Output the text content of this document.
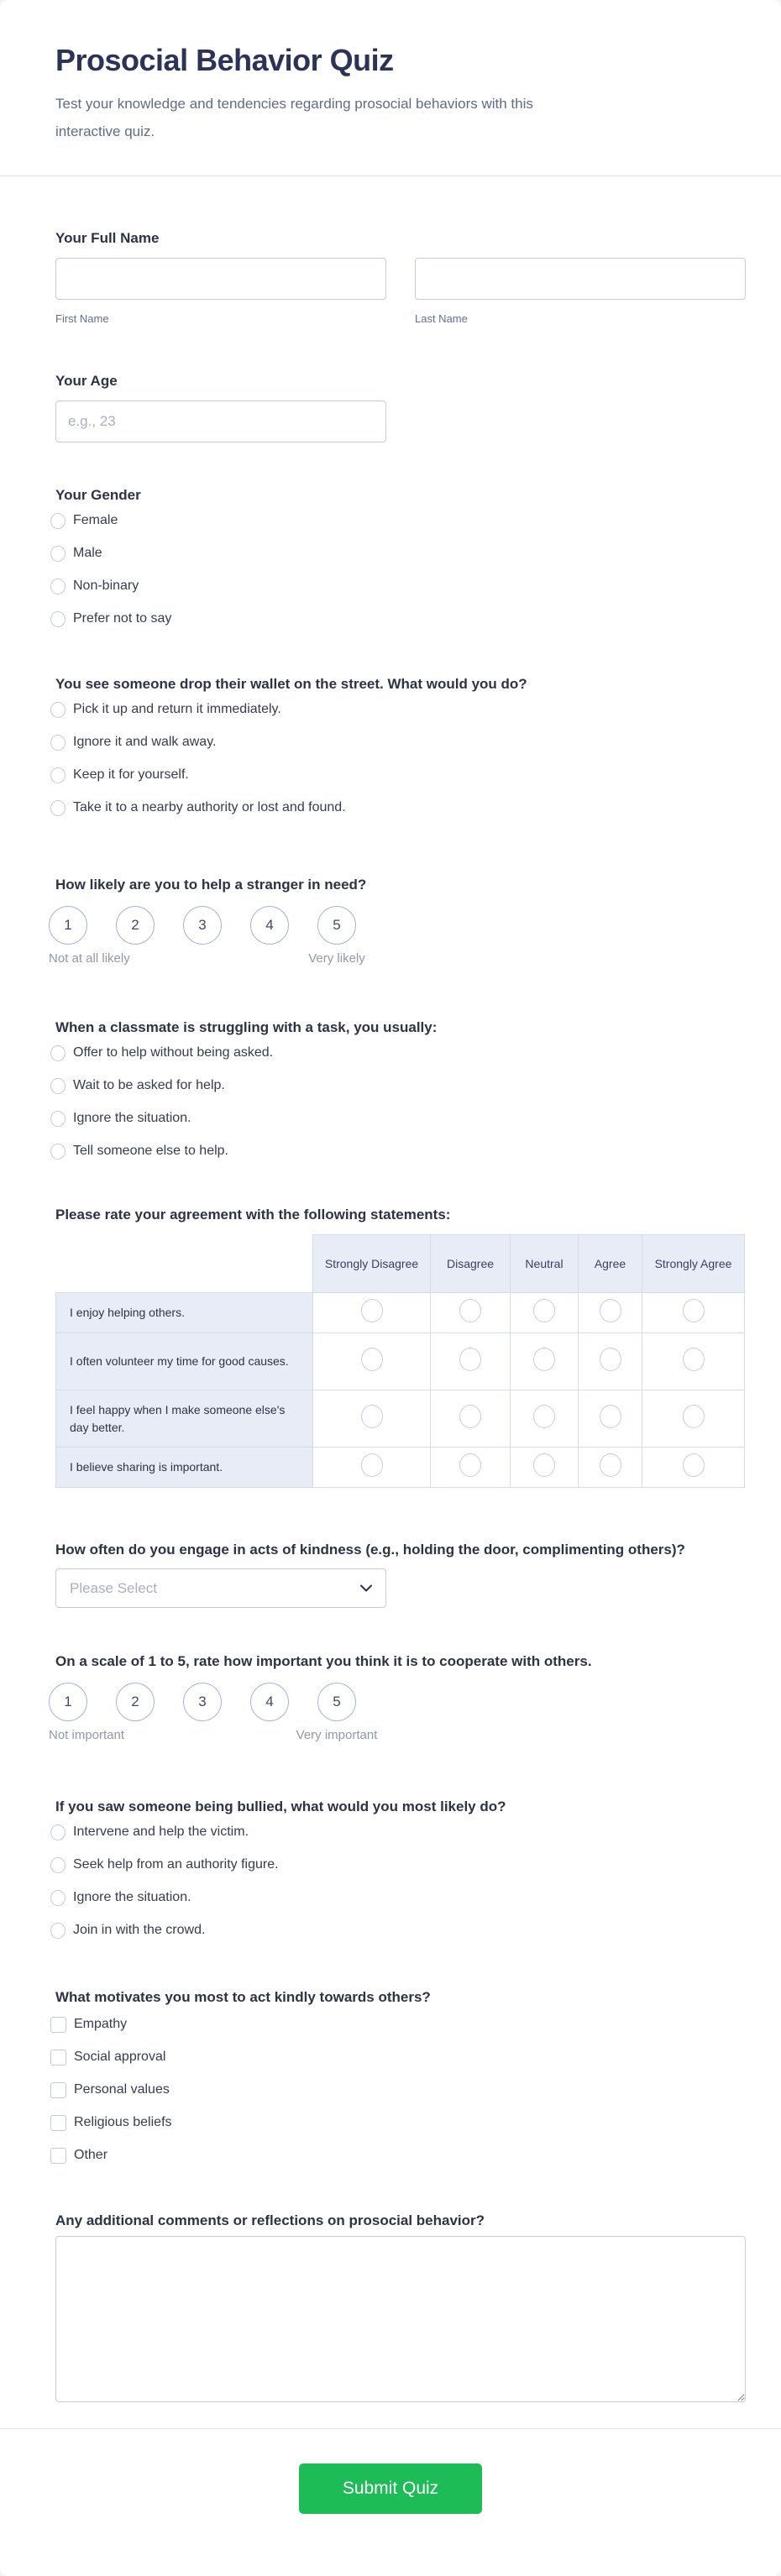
Prosocial Behavior Quiz

Test your knowledge and tendencies regarding prosocial behaviors with this interactive quiz.

Your Full Name
First Name	Last Name
Your Age
e.g., 23
Your Gender
Female
Male
Non-binary
Prefer not to say
You see someone drop their wallet on the street. What would you do?
Pick it up and return it immediately.
Ignore it and walk away.
Keep it for yourself.
Take it to a nearby authority or lost and found.
How likely are you to help a stranger in need?
1	2	3	4	5
Not at all likely	Very likely
When a classmate is struggling with a task, you usually:
Offer to help without being asked.
Wait to be asked for help.
Ignore the situation.
Tell someone else to help.
Please rate your agreement with the following statements:
	Strongly Disagree	Disagree	Neutral	Agree	Strongly Agree
I enjoy helping others.					
I often volunteer my time for good causes.					
I feel happy when I make someone else's day better.					
I believe sharing is important.					
How often do you engage in acts of kindness (e.g., holding the door, complimenting others)?
Please Select
On a scale of 1 to 5, rate how important you think it is to cooperate with others.
1	2	3	4	5
Not important	Very important
If you saw someone being bullied, what would you most likely do?
Intervene and help the victim.
Seek help from an authority figure.
Ignore the situation.
Join in with the crowd.
What motivates you most to act kindly towards others?
Empathy
Social approval
Personal values
Religious beliefs
Other
Any additional comments or reflections on prosocial behavior?
Submit Quiz
